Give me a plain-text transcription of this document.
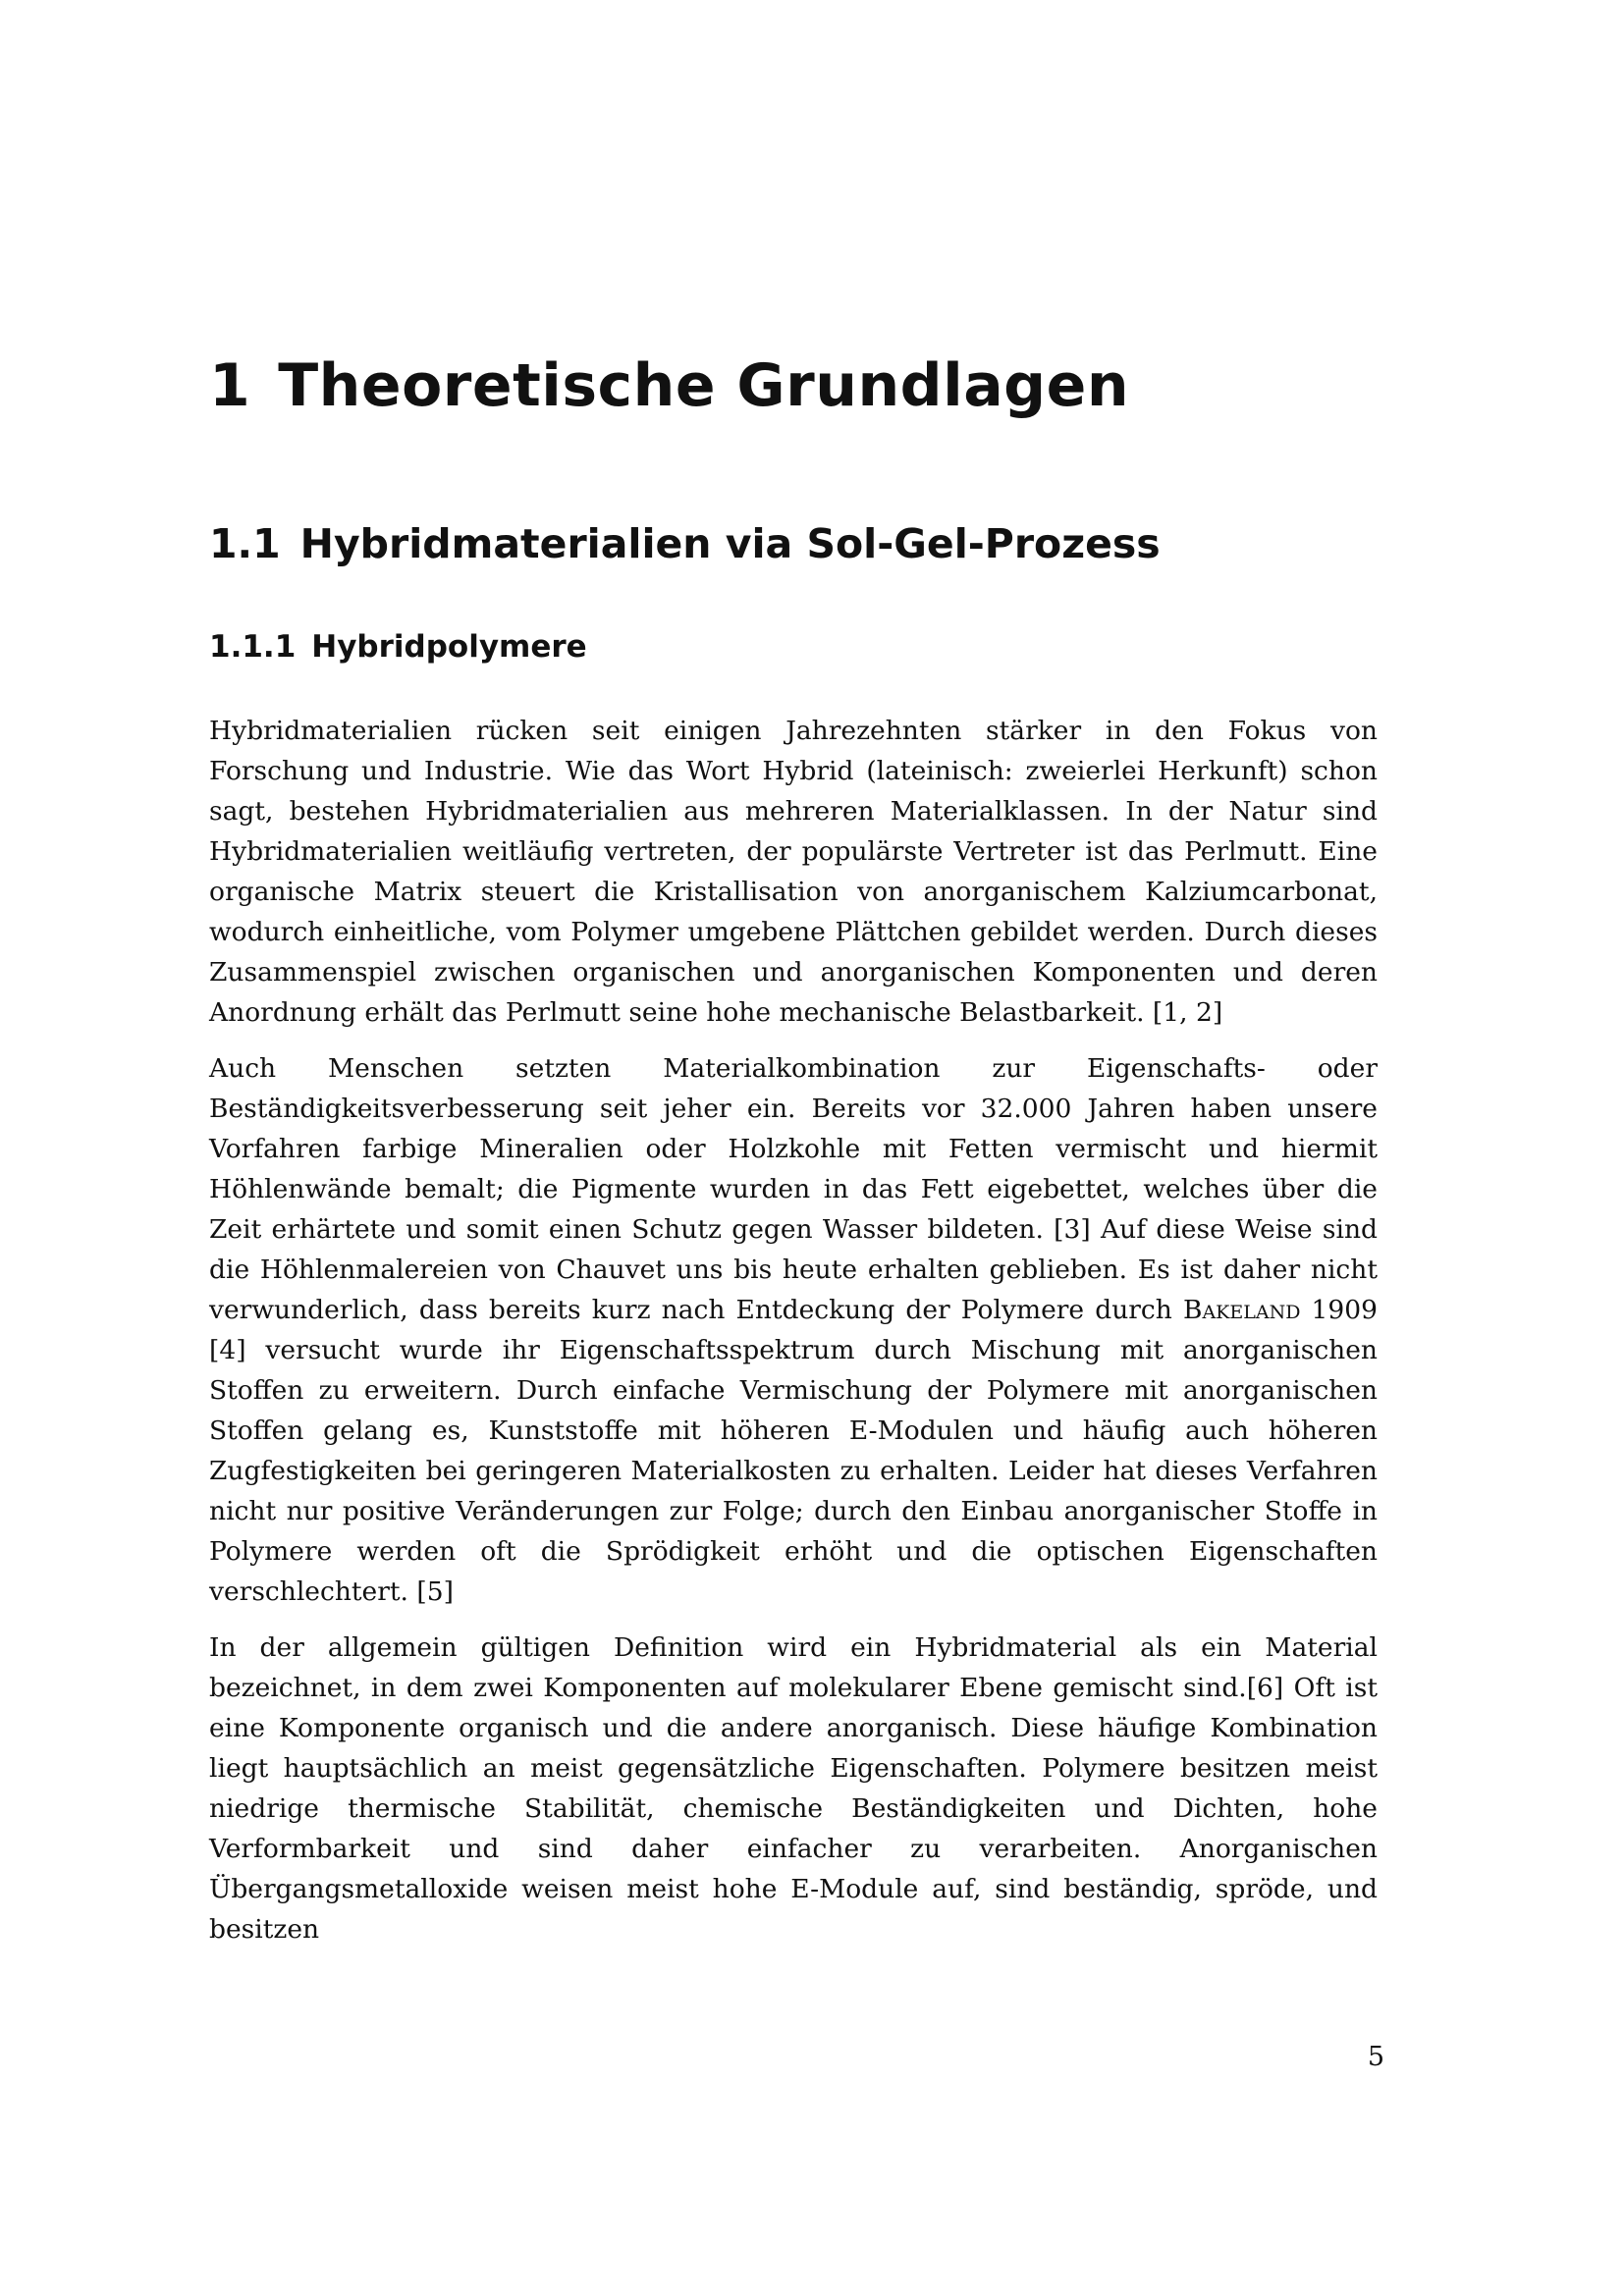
1 Theoretische Grundlagen
1.1 Hybridmaterialien via Sol-Gel-Prozess
1.1.1 Hybridpolymere

Hybridmaterialien rücken seit einigen Jahrezehnten stärker in den Fokus von Forschung und Industrie. Wie das Wort Hybrid (lateinisch: zweierlei Herkunft) schon sagt, bestehen Hybridmaterialien aus mehreren Materialklassen. In der Natur sind Hybridmaterialien weitläufig vertreten, der populärste Vertreter ist das Perlmutt. Eine organische Matrix steuert die Kristallisation von anorganischem Kalziumcarbonat, wodurch einheitliche, vom Polymer umgebene Plättchen gebildet werden. Durch dieses Zusammenspiel zwischen organischen und anorganischen Komponenten und deren Anordnung erhält das Perlmutt seine hohe mechanische Belastbarkeit. [1, 2]

Auch Menschen setzten Materialkombination zur Eigenschafts- oder Beständigkeitsverbesserung seit jeher ein. Bereits vor 32.000 Jahren haben unsere Vorfahren farbige Mineralien oder Holzkohle mit Fetten vermischt und hiermit Höhlenwände bemalt; die Pigmente wurden in das Fett eigebettet, welches über die Zeit erhärtete und somit einen Schutz gegen Wasser bildeten. [3] Auf diese Weise sind die Höhlenmalereien von Chauvet uns bis heute erhalten geblieben. Es ist daher nicht verwunderlich, dass bereits kurz nach Entdeckung der Polymere durch Bakeland 1909 [4] versucht wurde ihr Eigenschaftsspektrum durch Mischung mit anorganischen Stoffen zu erweitern. Durch einfache Vermischung der Polymere mit anorganischen Stoffen gelang es, Kunststoffe mit höheren E-Modulen und häufig auch höheren Zugfestigkeiten bei geringeren Materialkosten zu erhalten. Leider hat dieses Verfahren nicht nur positive Veränderungen zur Folge; durch den Einbau anorganischer Stoffe in Polymere werden oft die Sprödigkeit erhöht und die optischen Eigenschaften verschlechtert. [5]

In der allgemein gültigen Definition wird ein Hybridmaterial als ein Material bezeichnet, in dem zwei Komponenten auf molekularer Ebene gemischt sind.[6] Oft ist eine Komponente organisch und die andere anorganisch. Diese häufige Kombination liegt hauptsächlich an meist gegensätzliche Eigenschaften. Polymere besitzen meist niedrige thermische Stabilität, chemische Beständigkeiten und Dichten, hohe Verformbarkeit und sind daher einfacher zu verarbeiten. Anorganischen Übergangsmetalloxide weisen meist hohe E-Module auf, sind beständig, spröde, und besitzen

5
